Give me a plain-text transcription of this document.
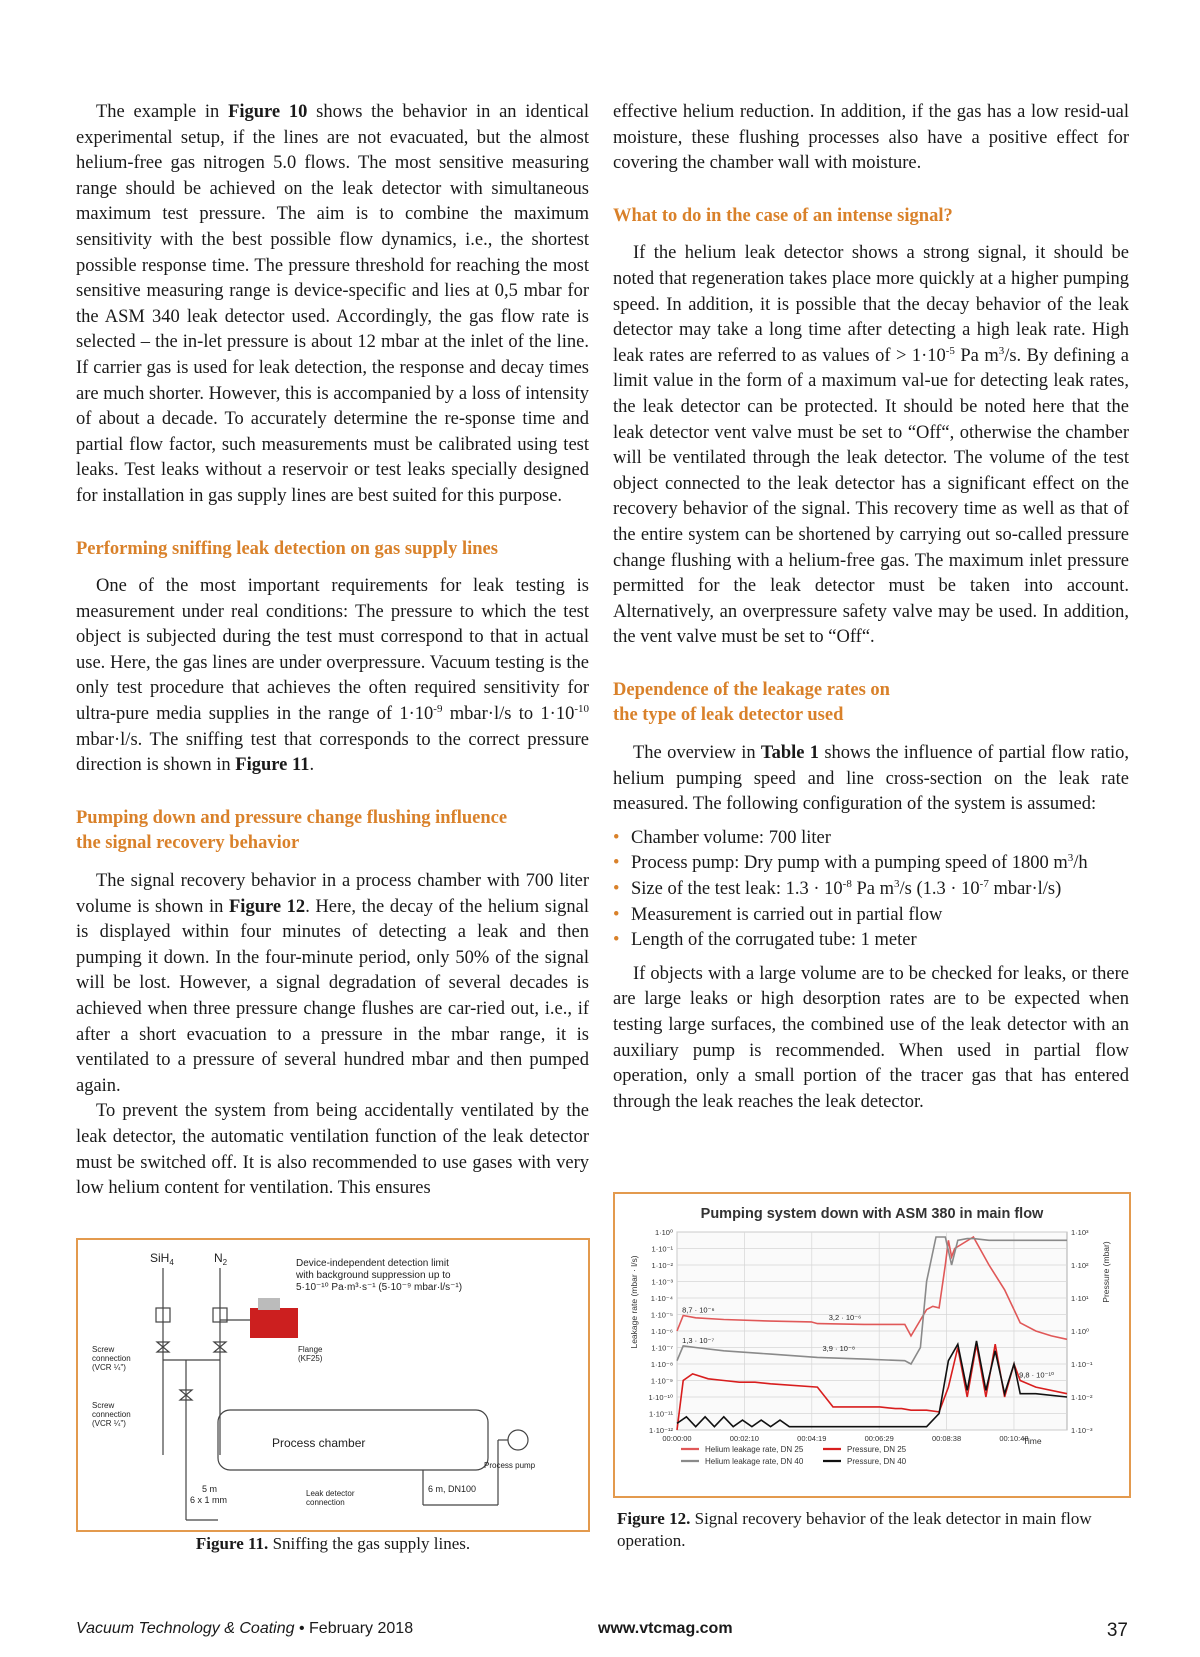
The example in Figure 10 shows the behavior in an identical experimental setup, if the lines are not evacuated, but the almost helium-free gas nitrogen 5.0 flows. The most sensitive measuring range should be achieved on the leak detector with simultaneous maximum test pressure. The aim is to combine the maximum sensitivity with the best possible flow dynamics, i.e., the shortest possible response time. The pressure threshold for reaching the most sensitive measuring range is device-specific and lies at 0,5 mbar for the ASM 340 leak detector used. Accordingly, the gas flow rate is selected – the in-let pressure is about 12 mbar at the inlet of the line. If carrier gas is used for leak detection, the response and decay times are much shorter. However, this is accompanied by a loss of intensity of about a decade. To accurately determine the re-sponse time and partial flow factor, such measurements must be calibrated using test leaks. Test leaks without a reservoir or test leaks specially designed for installation in gas supply lines are best suited for this purpose.

Performing sniffing leak detection on gas supply lines

One of the most important requirements for leak testing is measurement under real conditions: The pressure to which the test object is subjected during the test must correspond to that in actual use. Here, the gas lines are under overpressure. Vacuum testing is the only test procedure that achieves the often required sensitivity for ultra-pure media supplies in the range of $1\cdot 10^{-9}$ mbar·l/s to $1\cdot 10^{-10}$ mbar·l/s. The sniffing test that corresponds to the correct pressure direction is shown in Figure 11.

Pumping down and pressure change flushing influence
the signal recovery behavior

The signal recovery behavior in a process chamber with 700 liter volume is shown in Figure 12. Here, the decay of the helium signal is displayed within four minutes of detecting a leak and then pumping it down. In the four-minute period, only 50% of the signal will be lost. However, a signal degradation of several decades is achieved when three pressure change flushes are car-ried out, i.e., if after a short evacuation to a pressure in the mbar range, it is ventilated to a pressure of several hundred mbar and then pumped again.

To prevent the system from being accidentally ventilated by the leak detector, the automatic ventilation function of the leak detector must be switched off. It is also recommended to use gases with very low helium content for ventilation. This ensures

effective helium reduction. In addition, if the gas has a low resid-ual moisture, these flushing processes also have a positive effect for covering the chamber wall with moisture.

What to do in the case of an intense signal?

If the helium leak detector shows a strong signal, it should be noted that regeneration takes place more quickly at a higher pumping speed. In addition, it is possible that the decay behavior of the leak detector may take a long time after detecting a high leak rate. High leak rates are referred to as values of > $1\cdot 10^{-5}$ Pa $m^3/s$. By defining a limit value in the form of a maximum val-ue for detecting leak rates, the leak detector can be protected. It should be noted here that the leak detector vent valve must be set to “Off“, otherwise the chamber will be ventilated through the leak detector. The volume of the test object connected to the leak detector has a significant effect on the recovery behavior of the signal. This recovery time as well as that of the entire system can be shortened by carrying out so-called pressure change flushing with a helium-free gas. The maximum inlet pressure permitted for the leak detector must be taken into account. Alternatively, an overpressure safety valve may be used. In addition, the vent valve must be set to “Off“.

Dependence of the leakage rates on
the type of leak detector used

The overview in Table 1 shows the influence of partial flow ratio, helium pumping speed and line cross-section on the leak rate measured. The following configuration of the system is assumed:

• Chamber volume: 700 liter
• Process pump: Dry pump with a pumping speed of 1800 $m^3/h$
• Size of the test leak: $1.3 \cdot 10^{-8}$ Pa $m^3/s$ ($1.3 \cdot 10^{-7}$ mbar·l/s)
• Measurement is carried out in partial flow
• Length of the corrugated tube: 1 meter

If objects with a large volume are to be checked for leaks, or there are large leaks or high desorption rates are to be expected when testing large surfaces, the combined use of the leak detector with an auxiliary pump is recommended. When used in partial flow operation, only a small portion of the tracer gas that has entered through the leak reaches the leak detector.

SiH$_4$	$N_2$	Device-independent detection limit
with background suppression up to
5·10⁻¹⁰ Pa·m³·s⁻¹ (5·10⁻⁹ mbar·l/s⁻¹)
Screw
connection
(VCR ¼")
Screw
connection
(VCR ¼")
Flange
(KF25)
Process chamber
Process pump
5 m
6 x 1 mm
Leak detector
connection
6 m, DN100
Figure 11. Sniffing the gas supply lines.
Pumping system down with ASM 380 in main flow
Leakage rate (mbar · l/s)	Pressure (mbar)
Time
8,7 · 10⁻⁶
3,2 · 10⁻⁶
1,3 · 10⁻⁷
3,9 · 10⁻⁸
9,8 · 10⁻¹⁰
1·10⁰
1·10⁻¹
1·10⁻²
1·10⁻³
1·10⁻⁴
1·10⁻⁵
1·10⁻⁶
1·10⁻⁷
1·10⁻⁸
1·10⁻⁹
1·10⁻¹⁰
1·10⁻¹¹
1·10⁻¹²
1·10³
1·10²
1·10¹
1·10⁰
1·10⁻¹
1·10⁻²
1·10⁻³
00:00:00	00:02:10	00:04:19	00:06:29	00:08:38	00:10:48
Helium leakage rate, DN 25
Helium leakage rate, DN 40
Pressure, DN 25
Pressure, DN 40
Figure 12. Signal recovery behavior of the leak detector in main flow operation.
Vacuum Technology & Coating • February 2018	www.vtcmag.com	37
